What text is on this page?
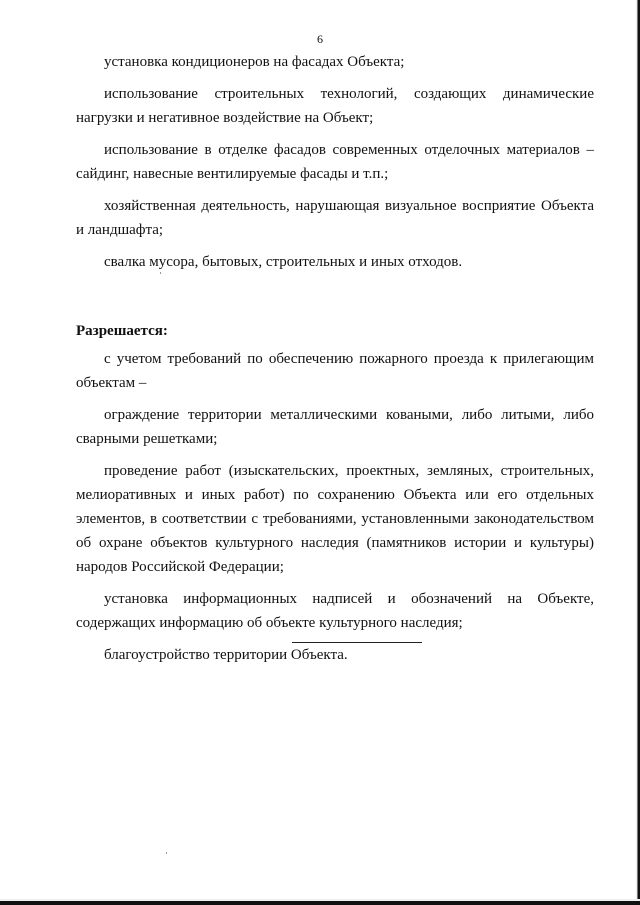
6

установка кондиционеров на фасадах Объекта;

использование строительных технологий, создающих динамические нагрузки и негативное воздействие на Объект;

использование в отделке фасадов современных отделочных материалов – сайдинг, навесные вентилируемые фасады и т.п.;

хозяйственная деятельность, нарушающая визуальное восприятие Объекта и ландшафта;

свалка мусора, бытовых, строительных и иных отходов.

Разрешается:

с учетом требований по обеспечению пожарного проезда к прилегающим объектам –

ограждение территории металлическими коваными, либо литыми, либо сварными решетками;

проведение работ (изыскательских, проектных, земляных, строительных, мелиоративных и иных работ) по сохранению Объекта или его отдельных элементов, в соответствии с требованиями, установленными законодательством об охране объектов культурного наследия (памятников истории и культуры) народов Российской Федерации;

установка информационных надписей и обозначений на Объекте, содержащих информацию об объекте культурного наследия;

благоустройство территории Объекта.
